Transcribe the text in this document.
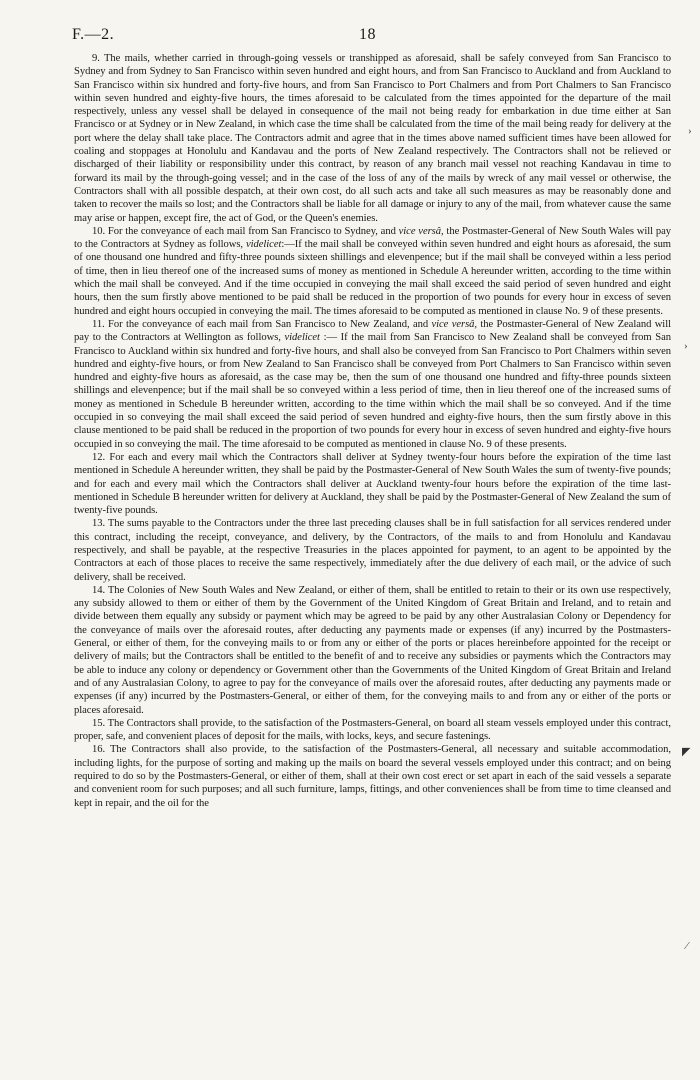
F.—2.	18

9. The mails, whether carried in through-going vessels or transhipped as aforesaid, shall be safely conveyed from San Francisco to Sydney and from Sydney to San Francisco within seven hundred and eight hours, and from San Francisco to Auckland and from Auckland to San Francisco within six hundred and forty-five hours, and from San Francisco to Port Chalmers and from Port Chalmers to San Francisco within seven hundred and eighty-five hours, the times aforesaid to be calculated from the times appointed for the departure of the mail respectively, unless any vessel shall be delayed in consequence of the mail not being ready for embarkation in due time either at San Francisco or at Sydney or in New Zealand, in which case the time shall be calculated from the time of the mail being ready for delivery at the port where the delay shall take place. The Contractors admit and agree that in the times above named sufficient times have been allowed for coaling and stoppages at Honolulu and Kandavau and the ports of New Zealand respectively. The Contractors shall not be relieved or discharged of their liability or responsibility under this contract, by reason of any branch mail vessel not reaching Kandavau in time to forward its mail by the through-going vessel; and in the case of the loss of any of the mails by wreck of any mail vessel or otherwise, the Contractors shall with all possible despatch, at their own cost, do all such acts and take all such measures as may be reasonably done and taken to recover the mails so lost; and the Contractors shall be liable for all damage or injury to any of the mail, from whatever cause the same may arise or happen, except fire, the act of God, or the Queen's enemies.

10. For the conveyance of each mail from San Francisco to Sydney, and vice versâ, the Postmaster-General of New South Wales will pay to the Contractors at Sydney as follows, videlicet:—If the mail shall be conveyed within seven hundred and eight hours as aforesaid, the sum of one thousand one hundred and fifty-three pounds sixteen shillings and elevenpence; but if the mail shall be conveyed within a less period of time, then in lieu thereof one of the increased sums of money as mentioned in Schedule A hereunder written, according to the time within which the mail shall be conveyed. And if the time occupied in conveying the mail shall exceed the said period of seven hundred and eight hours, then the sum firstly above mentioned to be paid shall be reduced in the proportion of two pounds for every hour in excess of seven hundred and eight hours occupied in conveying the mail. The times aforesaid to be computed as mentioned in clause No. 9 of these presents.

11. For the conveyance of each mail from San Francisco to New Zealand, and vice versâ, the Postmaster-General of New Zealand will pay to the Contractors at Wellington as follows, videlicet :— If the mail from San Francisco to New Zealand shall be conveyed from San Francisco to Auckland within six hundred and forty-five hours, and shall also be conveyed from San Francisco to Port Chalmers within seven hundred and eighty-five hours, or from New Zealand to San Francisco shall be conveyed from Port Chalmers to San Francisco within seven hundred and eighty-five hours as aforesaid, as the case may be, then the sum of one thousand one hundred and fifty-three pounds sixteen shillings and elevenpence; but if the mail shall be so conveyed within a less period of time, then in lieu thereof one of the increased sums of money as mentioned in Schedule B hereunder written, according to the time within which the mail shall be so conveyed. And if the time occupied in so conveying the mail shall exceed the said period of seven hundred and eighty-five hours, then the sum firstly above in this clause mentioned to be paid shall be reduced in the proportion of two pounds for every hour in excess of seven hundred and eighty-five hours occupied in so conveying the mail. The time aforesaid to be computed as mentioned in clause No. 9 of these presents.

12. For each and every mail which the Contractors shall deliver at Sydney twenty-four hours before the expiration of the time last mentioned in Schedule A hereunder written, they shall be paid by the Postmaster-General of New South Wales the sum of twenty-five pounds; and for each and every mail which the Contractors shall deliver at Auckland twenty-four hours before the expiration of the time last-mentioned in Schedule B hereunder written for delivery at Auckland, they shall be paid by the Postmaster-General of New Zealand the sum of twenty-five pounds.

13. The sums payable to the Contractors under the three last preceding clauses shall be in full satisfaction for all services rendered under this contract, including the receipt, conveyance, and delivery, by the Contractors, of the mails to and from Honolulu and Kandavau respectively, and shall be payable, at the respective Treasuries in the places appointed for payment, to an agent to be appointed by the Contractors at each of those places to receive the same respectively, immediately after the due delivery of each mail, or the advice of such delivery, shall be received.

14. The Colonies of New South Wales and New Zealand, or either of them, shall be entitled to retain to their or its own use respectively, any subsidy allowed to them or either of them by the Government of the United Kingdom of Great Britain and Ireland, and to retain and divide between them equally any subsidy or payment which may be agreed to be paid by any other Australasian Colony or Dependency for the conveyance of mails over the aforesaid routes, after deducting any payments made or expenses (if any) incurred by the Postmasters-General, or either of them, for the conveying mails to or from any or either of the ports or places hereinbefore appointed for the receipt or delivery of mails; but the Contractors shall be entitled to the benefit of and to receive any subsidies or payments which the Contractors may be able to induce any colony or dependency or Government other than the Governments of the United Kingdom of Great Britain and Ireland and of any Australasian Colony, to agree to pay for the conveyance of mails over the aforesaid routes, after deducting any payments made or expenses (if any) incurred by the Postmasters-General, or either of them, for the conveying mails to and from any or either of the ports or places aforesaid.

15. The Contractors shall provide, to the satisfaction of the Postmasters-General, on board all steam vessels employed under this contract, proper, safe, and convenient places of deposit for the mails, with locks, keys, and secure fastenings.

16. The Contractors shall also provide, to the satisfaction of the Postmasters-General, all necessary and suitable accommodation, including lights, for the purpose of sorting and making up the mails on board the several vessels employed under this contract; and on being required to do so by the Postmasters-General, or either of them, shall at their own cost erect or set apart in each of the said vessels a separate and convenient room for such purposes; and all such furniture, lamps, fittings, and other conveniences shall be from time to time cleansed and kept in repair, and the oil for the

›
›
◤
⁄
